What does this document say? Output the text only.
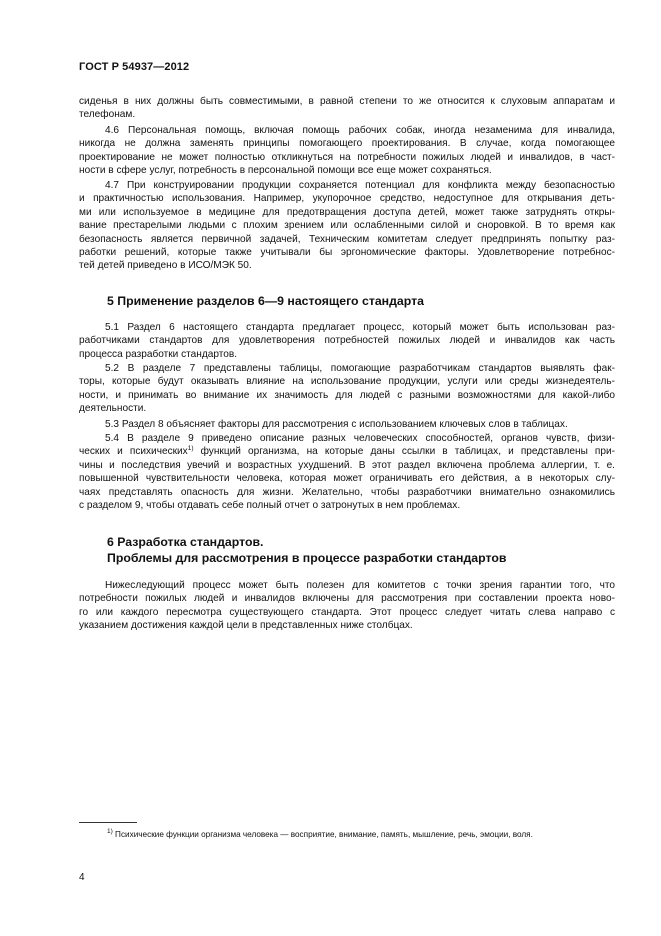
ГОСТ Р 54937—2012
сиденья в них должны быть совместимыми, в равной степени то же относится к слуховым аппаратам и
телефонам.
4.6 Персональная помощь, включая помощь рабочих собак, иногда незаменима для инвалида,
никогда не должна заменять принципы помогающего проектирования. В случае, когда помогающее
проектирование не может полностью откликнуться на потребности пожилых людей и инвалидов, в част-
ности в сфере услуг, потребность в персональной помощи все еще может сохраняться.
4.7 При конструировании продукции сохраняется потенциал для конфликта между безопасностью
и практичностью использования. Например, укупорочное средство, недоступное для открывания деть-
ми или используемое в медицине для предотвращения доступа детей, может также затруднять откры-
вание престарелыми людьми с плохим зрением или ослабленными силой и сноровкой. В то время как
безопасность является первичной задачей, Техническим комитетам следует предпринять попытку раз-
работки решений, которые также учитывали бы эргономические факторы. Удовлетворение потребнос-
тей детей приведено в ИСО/МЭК 50.
5 Применение разделов 6—9 настоящего стандарта
5.1 Раздел 6 настоящего стандарта предлагает процесс, который может быть использован раз-
работчиками стандартов для удовлетворения потребностей пожилых людей и инвалидов как часть
процесса разработки стандартов.
5.2 В разделе 7 представлены таблицы, помогающие разработчикам стандартов выявлять фак-
торы, которые будут оказывать влияние на использование продукции, услуги или среды жизнедеятель-
ности, и принимать во внимание их значимость для людей с разными возможностями для какой-либо
деятельности.
5.3 Раздел 8 объясняет факторы для рассмотрения с использованием ключевых слов в таблицах.
5.4 В разделе 9 приведено описание разных человеческих способностей, органов чувств, физи-
ческих и психических$^{1)}$ функций организма, на которые даны ссылки в таблицах, и представлены при-
чины и последствия увечий и возрастных ухудшений. В этот раздел включена проблема аллергии, т. е.
повышенной чувствительности человека, которая может ограничивать его действия, а в некоторых слу-
чаях представлять опасность для жизни. Желательно, чтобы разработчики внимательно ознакомились
с разделом 9, чтобы отдавать себе полный отчет о затронутых в нем проблемах.
6 Разработка стандартов.
Проблемы для рассмотрения в процессе разработки стандартов
Нижеследующий процесс может быть полезен для комитетов с точки зрения гарантии того, что
потребности пожилых людей и инвалидов включены для рассмотрения при составлении проекта ново-
го или каждого пересмотра существующего стандарта. Этот процесс следует читать слева направо с
указанием достижения каждой цели в представленных ниже столбцах.
$^{1)}$ Психические функции организма человека — восприятие, внимание, память, мышление, речь, эмоции, воля.
4
